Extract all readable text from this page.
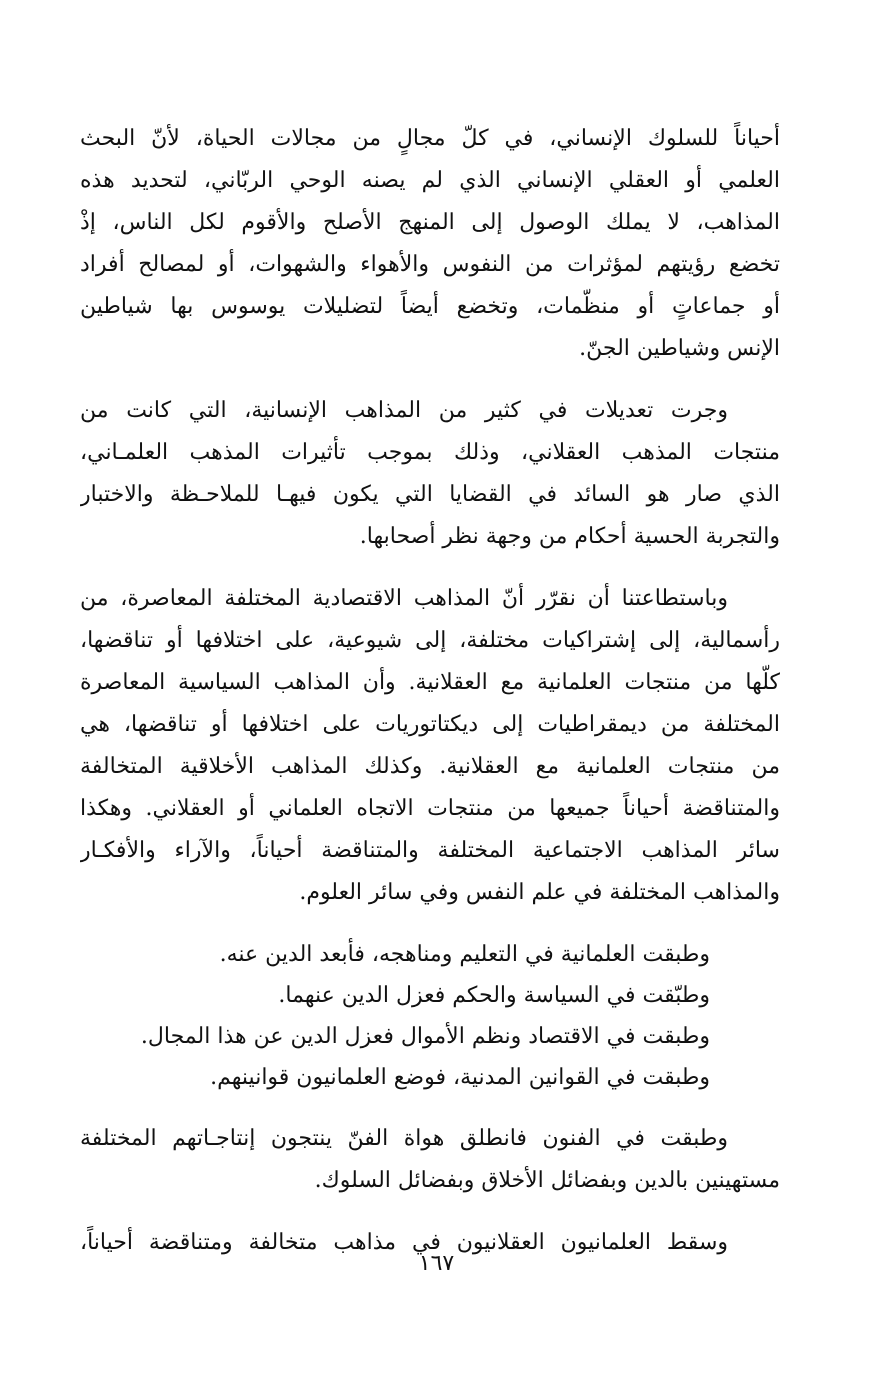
أحياناً للسلوك الإنساني، في كلّ مجالٍ من مجالات الحياة، لأنّ البحث
العلمي أو العقلي الإنساني الذي لم يصنه الوحي الربّاني، لتحديد هذه
المذاهب، لا يملك الوصول إلى المنهج الأصلح والأقوم لكل الناس، إذْ
تخضع رؤيتهم لمؤثرات من النفوس والأهواء والشهوات، أو لمصالح أفراد
أو جماعاتٍ أو منظّمات، وتخضع أيضاً لتضليلات يوسوس بها شياطين
الإنس وشياطين الجنّ.
وجرت تعديلات في كثير من المذاهب الإنسانية، التي كانت من
منتجات المذهب العقلاني، وذلك بموجب تأثيرات المذهب العلمـاني،
الذي صار هو السائد في القضايا التي يكون فيهـا للملاحـظة والاختبار
والتجربة الحسية أحكام من وجهة نظر أصحابها.
وباستطاعتنا أن نقرّر أنّ المذاهب الاقتصادية المختلفة المعاصرة، من
رأسمالية، إلى إشتراكيات مختلفة، إلى شيوعية، على اختلافها أو تناقضها،
كلّها من منتجات العلمانية مع العقلانية. وأن المذاهب السياسية المعاصرة
المختلفة من ديمقراطيات إلى ديكتاتوريات على اختلافها أو تناقضها، هي
من منتجات العلمانية مع العقلانية. وكذلك المذاهب الأخلاقية المتخالفة
والمتناقضة أحياناً جميعها من منتجات الاتجاه العلماني أو العقلاني. وهكذا
سائر المذاهب الاجتماعية المختلفة والمتناقضة أحياناً، والآراء والأفكـار
والمذاهب المختلفة في علم النفس وفي سائر العلوم.
وطبقت العلمانية في التعليم ومناهجه، فأبعد الدين عنه.
وطبّقت في السياسة والحكم فعزل الدين عنهما.
وطبقت في الاقتصاد ونظم الأموال فعزل الدين عن هذا المجال.
وطبقت في القوانين المدنية، فوضع العلمانيون قوانينهم.
وطبقت في الفنون فانطلق هواة الفنّ ينتجون إنتاجـاتهم المختلفة
مستهينين بالدين وبفضائل الأخلاق وبفضائل السلوك.
وسقط العلمانيون العقلانيون في مذاهب متخالفة ومتناقضة أحياناً،
١٦٧
